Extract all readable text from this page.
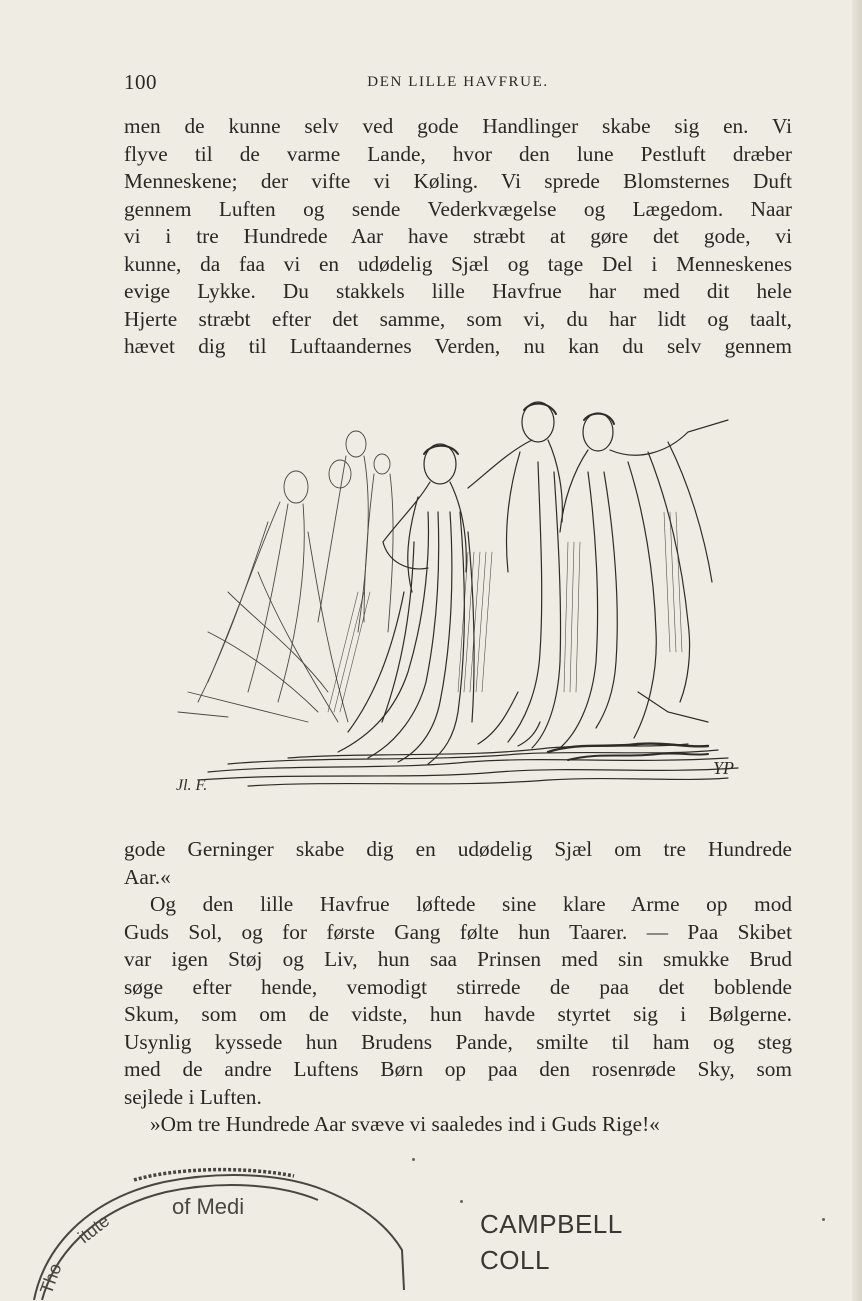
100	DEN LILLE HAVFRUE.
men de kunne selv ved gode Handlinger skabe sig en. Vi
flyve til de varme Lande, hvor den lune Pestluft dræber
Menneskene; der vifte vi Køling. Vi sprede Blomsternes Duft
gennem Luften og sende Vederkvægelse og Lægedom. Naar
vi i tre Hundrede Aar have stræbt at gøre det gode, vi
kunne, da faa vi en udødelig Sjæl og tage Del i Menneskenes
evige Lykke. Du stakkels lille Havfrue har med dit hele
Hjerte stræbt efter det samme, som vi, du har lidt og taalt,
hævet dig til Luftaandernes Verden, nu kan du selv gennem
YP
Jl. F.
gode Gerninger skabe dig en udødelig Sjæl om tre Hundrede
Aar.«
Og den lille Havfrue løftede sine klare Arme op mod
Guds Sol, og for første Gang følte hun Taarer. — Paa Skibet
var igen Støj og Liv, hun saa Prinsen med sin smukke Brud
søge efter hende, vemodigt stirrede de paa det boblende
Skum, som om de vidste, hun havde styrtet sig i Bølgerne.
Usynlig kyssede hun Brudens Pande, smilte til ham og steg
med de andre Luftens Børn op paa den rosenrøde Sky, som
sejlede i Luften.
»Om tre Hundrede Aar svæve vi saaledes ind i Guds Rige!«
of Medi
itute
Tho
CAMPBELL
COLL
